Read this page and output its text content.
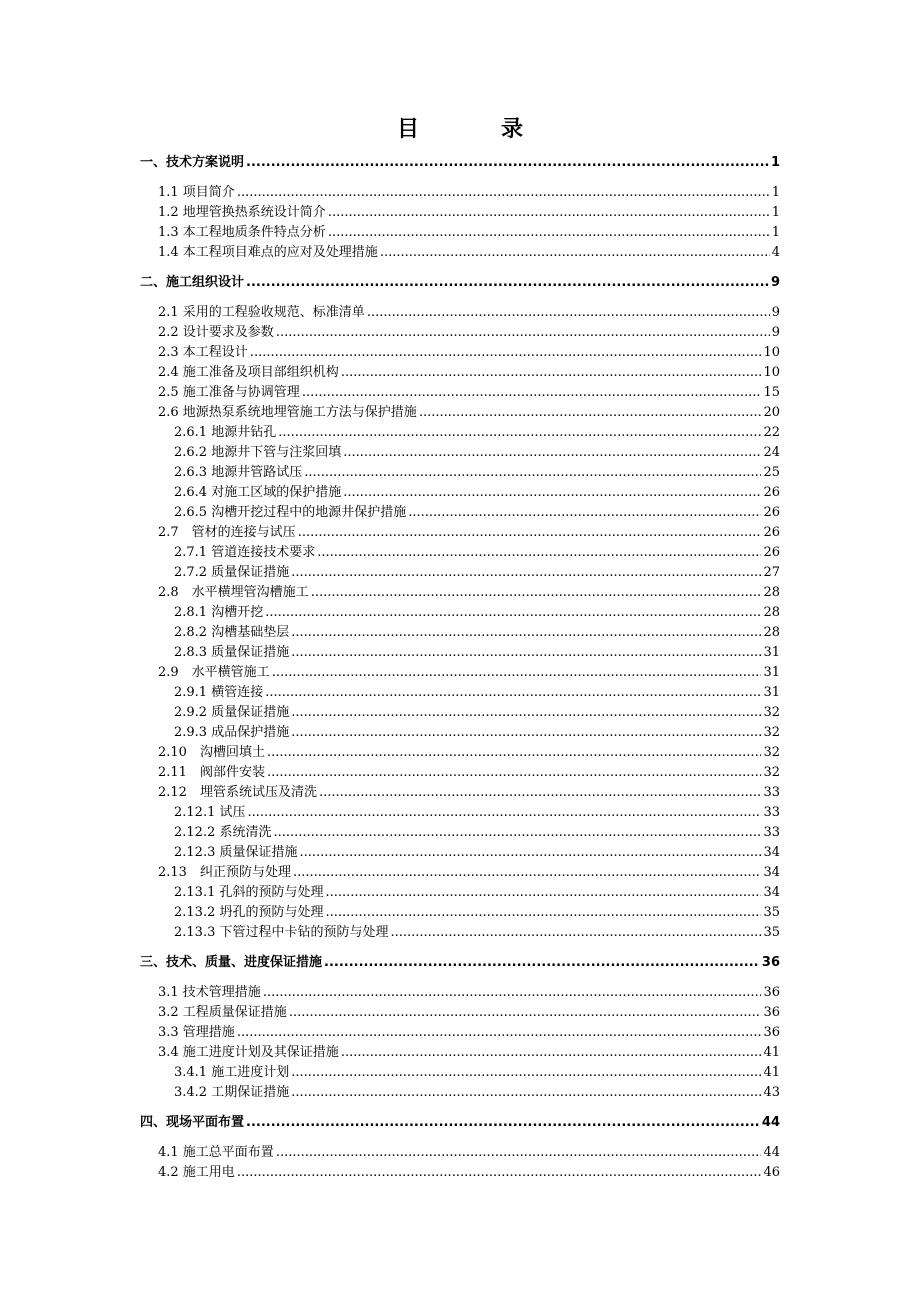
目　录
一、技术方案说明 .....	1
1.1 项目简介 .....	1
1.2 地埋管换热系统设计简介 .....	1
1.3 本工程地质条件特点分析 .....	1
1.4 本工程项目难点的应对及处理措施 .....	4
二、施工组织设计 .....	9
2.1 采用的工程验收规范、标准清单 .....	9
2.2 设计要求及参数 .....	9
2.3 本工程设计 .....	10
2.4 施工准备及项目部组织机构 .....	10
2.5 施工准备与协调管理 .....	15
2.6 地源热泵系统地埋管施工方法与保护措施 .....	20
2.6.1 地源井钻孔 .....	22
2.6.2 地源井下管与注浆回填 .....	24
2.6.3 地源井管路试压 .....	25
2.6.4 对施工区域的保护措施 .....	26
2.6.5 沟槽开挖过程中的地源井保护措施 .....	26
2.7　管材的连接与试压 .....	26
2.7.1 管道连接技术要求 .....	26
2.7.2 质量保证措施 .....	27
2.8　水平横埋管沟槽施工 .....	28
2.8.1 沟槽开挖 .....	28
2.8.2 沟槽基础垫层 .....	28
2.8.3 质量保证措施 .....	31
2.9　水平横管施工 .....	31
2.9.1 横管连接 .....	31
2.9.2 质量保证措施 .....	32
2.9.3 成品保护措施 .....	32
2.10　沟槽回填土 .....	32
2.11　阀部件安装 .....	32
2.12　埋管系统试压及清洗 .....	33
2.12.1 试压 .....	33
2.12.2 系统清洗 .....	33
2.12.3 质量保证措施 .....	34
2.13　纠正预防与处理 .....	34
2.13.1 孔斜的预防与处理 .....	34
2.13.2 坍孔的预防与处理 .....	35
2.13.3 下管过程中卡钻的预防与处理 .....	35
三、技术、质量、进度保证措施 .....	36
3.1 技术管理措施 .....	36
3.2 工程质量保证措施 .....	36
3.3 管理措施 .....	36
3.4 施工进度计划及其保证措施 .....	41
3.4.1 施工进度计划 .....	41
3.4.2 工期保证措施 .....	43
四、现场平面布置 .....	44
4.1 施工总平面布置 .....	44
4.2 施工用电 .....	46
